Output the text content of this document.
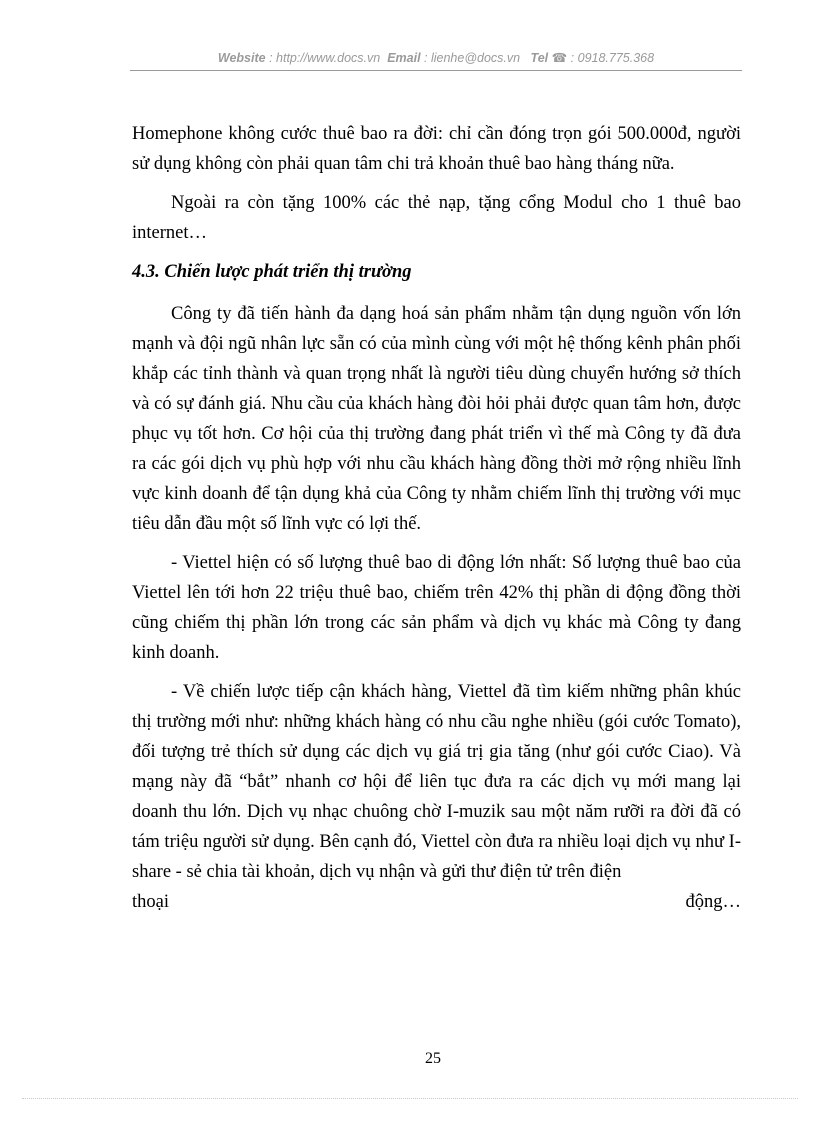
Website : http://www.docs.vn Email : lienhe@docs.vn Tel ☎ : 0918.775.368

Homephone không cước thuê bao ra đời: chỉ cần đóng trọn gói 500.000đ, người sử dụng không còn phải quan tâm chi trả khoản thuê bao hàng tháng nữa.

Ngoài ra còn tặng 100% các thẻ nạp, tặng cổng Modul cho 1 thuê bao internet…

4.3. Chiến lược phát triển thị trường

Công ty đã tiến hành đa dạng hoá sản phẩm nhằm tận dụng nguồn vốn lớn mạnh và đội ngũ nhân lực sẵn có của mình cùng với một hệ thống kênh phân phối khắp các tỉnh thành và quan trọng nhất là người tiêu dùng chuyển hướng sở thích và có sự đánh giá. Nhu cầu của khách hàng đòi hỏi phải được quan tâm hơn, được phục vụ tốt hơn. Cơ hội của thị trường đang phát triển vì thế mà Công ty đã đưa ra các gói dịch vụ phù hợp với nhu cầu khách hàng đồng thời mở rộng nhiều lĩnh vực kinh doanh để tận dụng khả của Công ty nhằm chiếm lĩnh thị trường với mục tiêu dẫn đầu một số lĩnh vực có lợi thế.

- Viettel hiện có số lượng thuê bao di động lớn nhất: Số lượng thuê bao của Viettel lên tới hơn 22 triệu thuê bao, chiếm trên 42% thị phần di động đồng thời cũng chiếm thị phần lớn trong các sản phẩm và dịch vụ khác mà Công ty đang kinh doanh.

- Về chiến lược tiếp cận khách hàng, Viettel đã tìm kiếm những phân khúc thị trường mới như: những khách hàng có nhu cầu nghe nhiều (gói cước Tomato), đối tượng trẻ thích sử dụng các dịch vụ giá trị gia tăng (như gói cước Ciao). Và mạng này đã “bắt” nhanh cơ hội để liên tục đưa ra các dịch vụ mới mang lại doanh thu lớn. Dịch vụ nhạc chuông chờ I-muzik sau một năm rưỡi ra đời đã có tám triệu người sử dụng. Bên cạnh đó, Viettel còn đưa ra nhiều loại dịch vụ như I-share - sẻ chia tài khoản, dịch vụ nhận và gửi thư điện tử trên điện

thoại	động…
25
